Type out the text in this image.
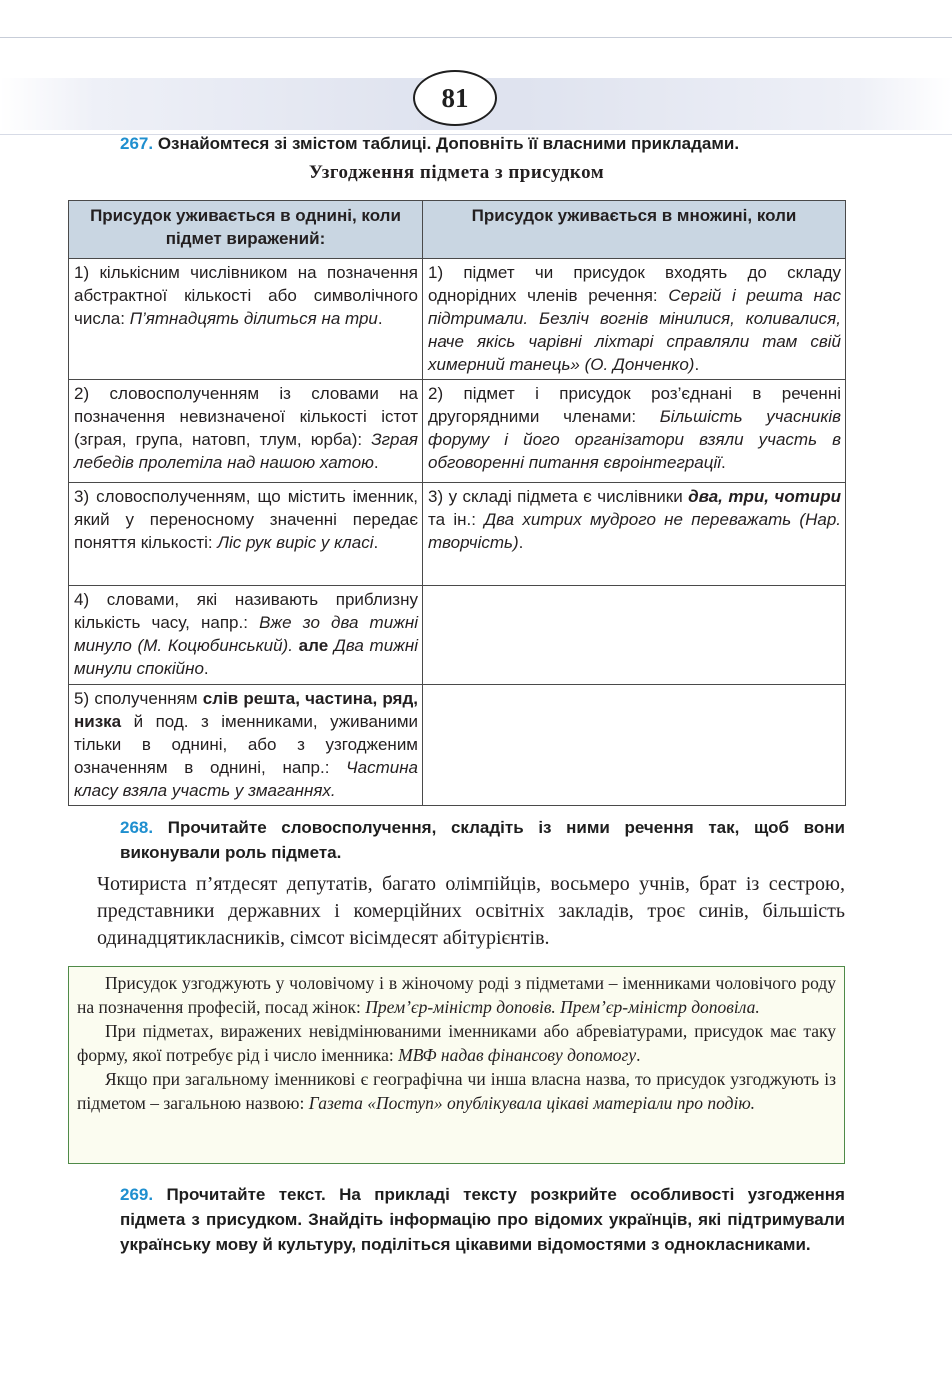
81
267. Ознайомтеся зі змістом таблиці. Доповніть її власними прикладами.
Узгодження підмета з присудком
Присудок уживається в однині, коли підмет виражений:	Присудок уживається в множині, коли
1) кількісним числівником на позначення абстрактної кількості або символічного числа: П’ятнадцять ділиться на три.	1) підмет чи присудок входять до складу однорідних членів речення: Сергій і решта нас підтримали. Безліч вогнів мінилися, коливалися, наче якісь чарівні ліхтарі справляли там свій химерний танець» (О. Донченко).
2) словосполученням із словами на позначення невизначеної кількості істот (зграя, група, натовп, тлум, юрба): Зграя лебедів пролетіла над нашою хатою.	2) підмет і присудок роз’єднані в реченні другорядними членами: Більшість учасників форуму і його організатори взяли участь в обговоренні питання євроінтеграції.
3) словосполученням, що містить іменник, який у переносному значенні передає поняття кількості: Ліс рук виріс у класі.	3) у складі підмета є числівники два, три, чотири та ін.: Два хитрих мудрого не переважать (Нар. творчість).
4) словами, які називають приблизну кількість часу, напр.: Вже зо два тижні минуло (М. Коцюбинський). але Два тижні минули спокійно.	
5) сполученням слів решта, частина, ряд, низка й под. з іменниками, уживаними тільки в однині, або з узгодженим означенням в однині, напр.: Частина класу взяла участь у змаганнях.	
268. Прочитайте словосполучення, складіть із ними речення так, щоб вони виконували роль підмета.
Чотириста п’ятдесят депутатів, багато олімпійців, восьмеро учнів, брат із сестрою, представники державних і комерційних освітніх закладів, троє синів, більшість одинадцятикласників, сімсот вісімдесят абітурієнтів.

Присудок узгоджують у чоловічому і в жіночому роді з підметами – іменниками чоловічого роду на позначення професій, посад жінок: Прем’єр-міністр доповів. Прем’єр-міністр доповіла.

При підметах, виражених невідмінюваними іменниками або абревіатурами, присудок має таку форму, якої потребує рід і число іменника: МВФ надав фінансову допомогу.

Якщо при загальному іменникові є географічна чи інша власна назва, то присудок узгоджують із підметом – загальною назвою: Газета «Поступ» опублікувала цікаві матеріали про подію.

269. Прочитайте текст. На прикладі тексту розкрийте особливості узгодження підмета з присудком. Знайдіть інформацію про відомих українців, які підтримували українську мову й культуру, поділіться цікавими відомостями з однокласниками.
